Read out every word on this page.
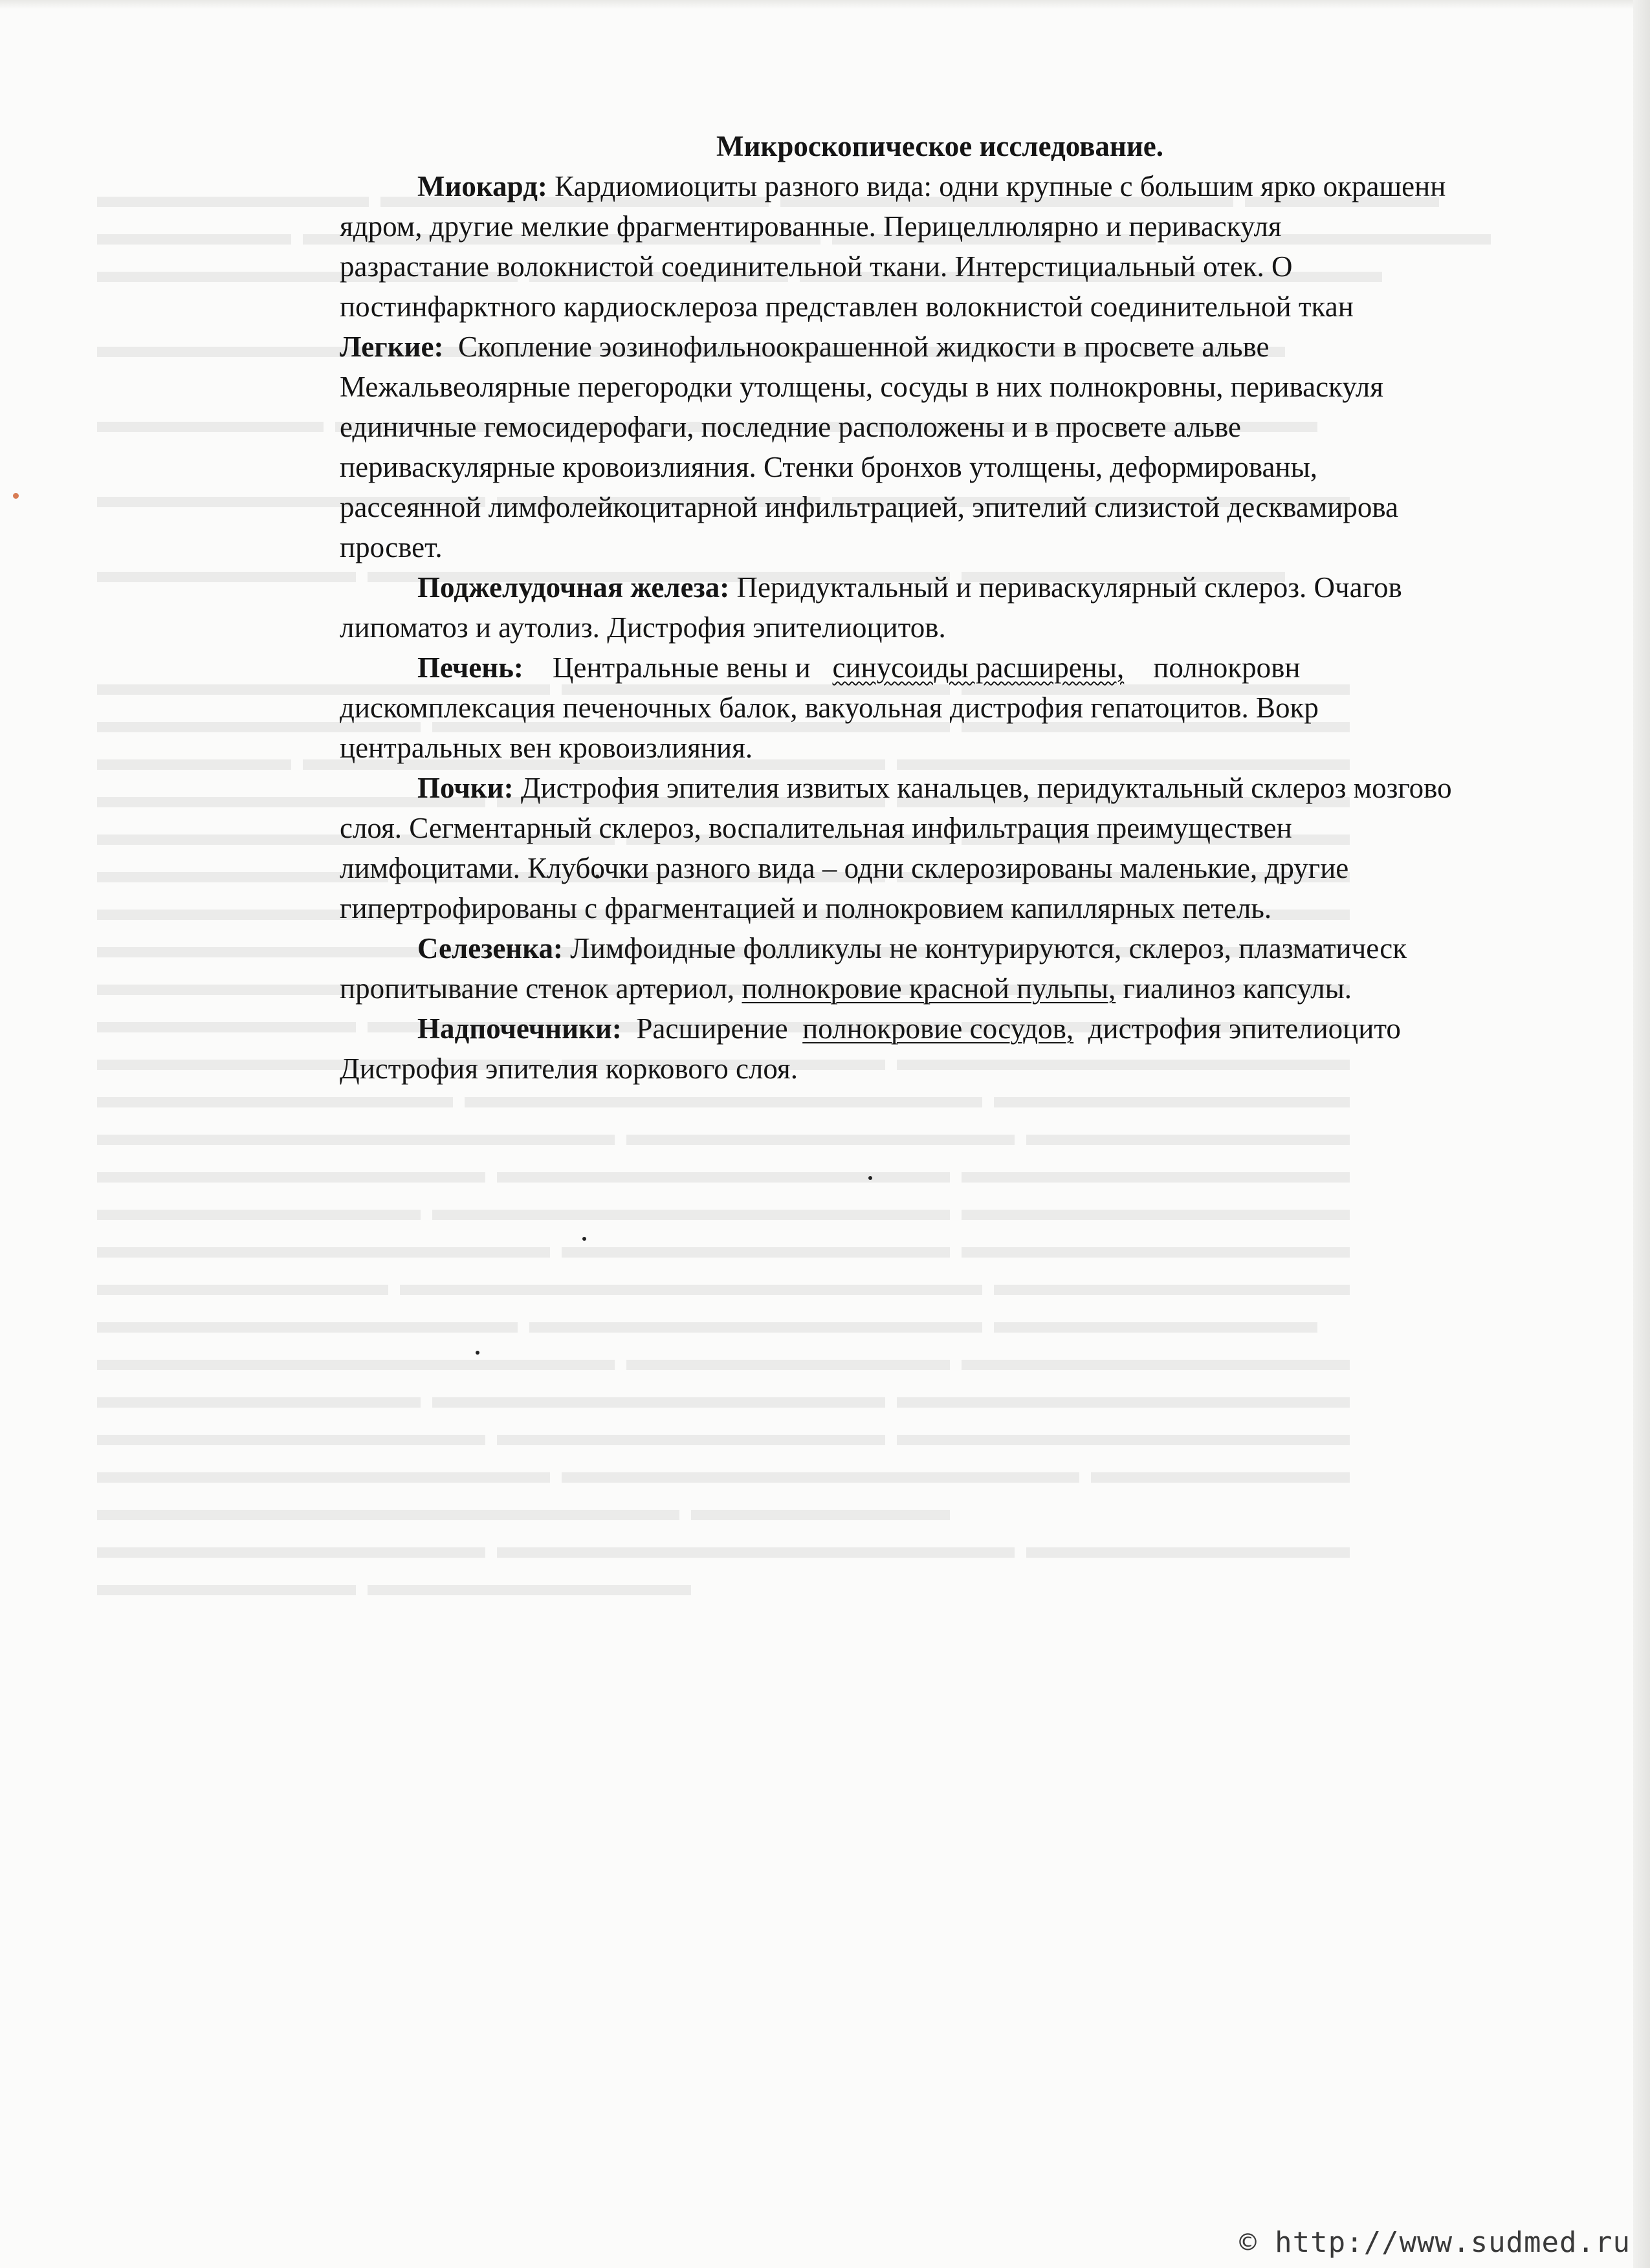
Микроскопическое исследование.
Миокард: Кардиомиоциты разного вида: одни крупные с большим ярко окрашенн
ядром, другие мелкие фрагментированные. Перицеллюлярно и периваскуля
разрастание волокнистой соединительной ткани. Интерстициальный отек. О
постинфарктного кардиосклероза представлен волокнистой соединительной ткан
Легкие: Скопление эозинофильноокрашенной жидкости в просвете альве
Межальвеолярные перегородки утолщены, сосуды в них полнокровны, периваскуля
единичные гемосидерофаги, последние расположены и в просвете альве
периваскулярные кровоизлияния. Стенки бронхов утолщены, деформированы,
рассеянной лимфолейкоцитарной инфильтрацией, эпителий слизистой десквамирова
просвет.
Поджелудочная железа: Перидуктальный и периваскулярный склероз. Очагов
липоматоз и аутолиз. Дистрофия эпителиоцитов.
Печень: Центральные вены и синусоиды расширены, полнокровн
дискомплексация печеночных балок, вакуольная дистрофия гепатоцитов. Вокр
центральных вен кровоизлияния.
Почки: Дистрофия эпителия извитых канальцев, перидуктальный склероз мозгово
слоя. Сегментарный склероз, воспалительная инфильтрация преимуществен
лимфоцитами. Клубочки разного вида – одни склерозированы маленькие, другие
гипертрофированы с фрагментацией и полнокровием капиллярных петель.
Селезенка: Лимфоидные фолликулы не контурируются, склероз, плазматическ
пропитывание стенок артериол, полнокровие красной пульпы, гиалиноз капсулы.
Надпочечники: Расширение полнокровие сосудов, дистрофия эпителиоцито
Дистрофия эпителия коркового слоя.
© http://www.sudmed.ru
